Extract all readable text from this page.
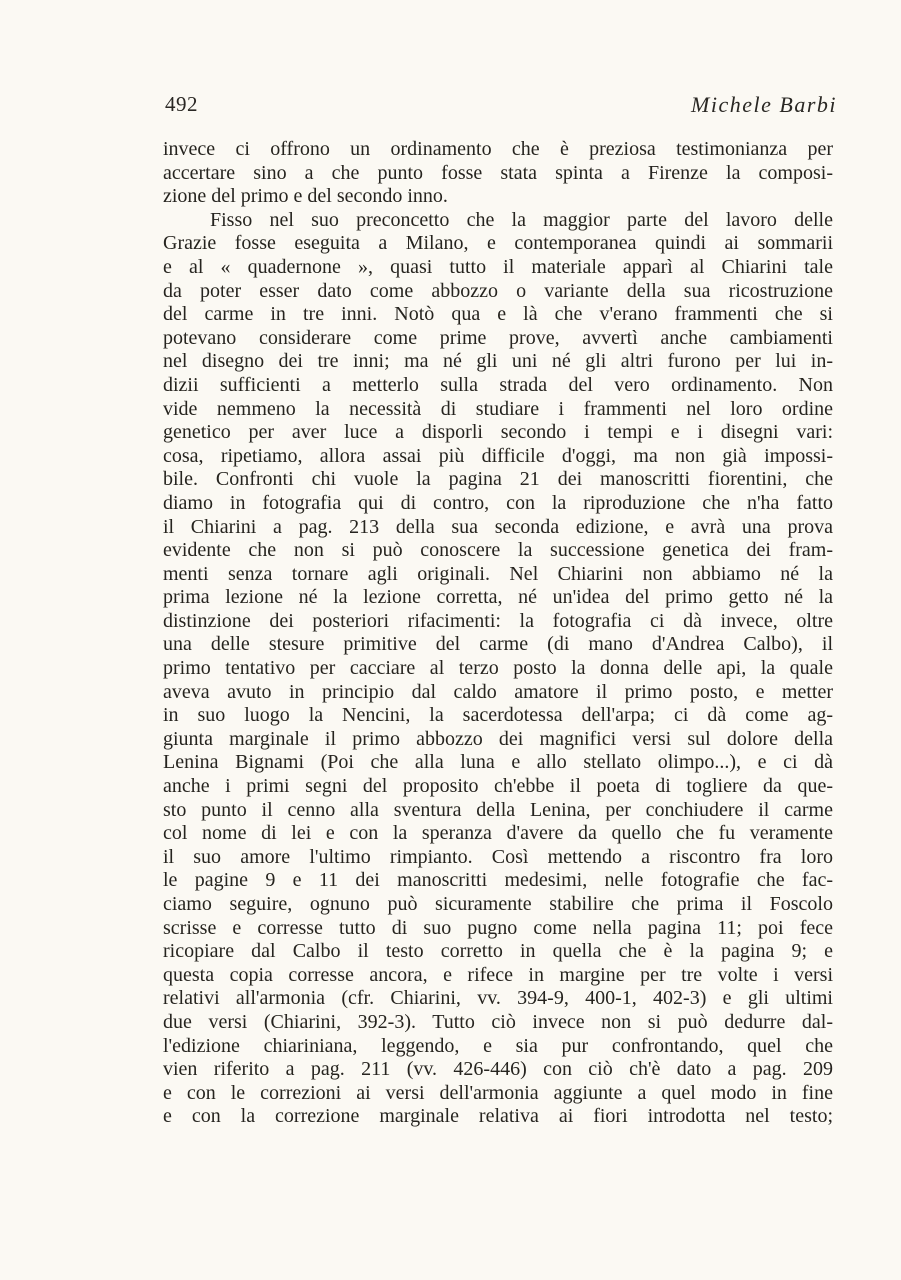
492	Michele Barbi
invece ci offrono un ordinamento che è preziosa testimonianza per
accertare sino a che punto fosse stata spinta a Firenze la composi-
zione del primo e del secondo inno.
Fisso nel suo preconcetto che la maggior parte del lavoro delle
Grazie fosse eseguita a Milano, e contemporanea quindi ai sommarii
e al « quadernone », quasi tutto il materiale apparì al Chiarini tale
da poter esser dato come abbozzo o variante della sua ricostruzione
del carme in tre inni. Notò qua e là che v'erano frammenti che si
potevano considerare come prime prove, avvertì anche cambiamenti
nel disegno dei tre inni; ma né gli uni né gli altri furono per lui in-
dizii sufficienti a metterlo sulla strada del vero ordinamento. Non
vide nemmeno la necessità di studiare i frammenti nel loro ordine
genetico per aver luce a disporli secondo i tempi e i disegni vari:
cosa, ripetiamo, allora assai più difficile d'oggi, ma non già impossi-
bile. Confronti chi vuole la pagina 21 dei manoscritti fiorentini, che
diamo in fotografia qui di contro, con la riproduzione che n'ha fatto
il Chiarini a pag. 213 della sua seconda edizione, e avrà una prova
evidente che non si può conoscere la successione genetica dei fram-
menti senza tornare agli originali. Nel Chiarini non abbiamo né la
prima lezione né la lezione corretta, né un'idea del primo getto né la
distinzione dei posteriori rifacimenti: la fotografia ci dà invece, oltre
una delle stesure primitive del carme (di mano d'Andrea Calbo), il
primo tentativo per cacciare al terzo posto la donna delle api, la quale
aveva avuto in principio dal caldo amatore il primo posto, e metter
in suo luogo la Nencini, la sacerdotessa dell'arpa; ci dà come ag-
giunta marginale il primo abbozzo dei magnifici versi sul dolore della
Lenina Bignami (Poi che alla luna e allo stellato olimpo...), e ci dà
anche i primi segni del proposito ch'ebbe il poeta di togliere da que-
sto punto il cenno alla sventura della Lenina, per conchiudere il carme
col nome di lei e con la speranza d'avere da quello che fu veramente
il suo amore l'ultimo rimpianto. Così mettendo a riscontro fra loro
le pagine 9 e 11 dei manoscritti medesimi, nelle fotografie che fac-
ciamo seguire, ognuno può sicuramente stabilire che prima il Foscolo
scrisse e corresse tutto di suo pugno come nella pagina 11; poi fece
ricopiare dal Calbo il testo corretto in quella che è la pagina 9; e
questa copia corresse ancora, e rifece in margine per tre volte i versi
relativi all'armonia (cfr. Chiarini, vv. 394-9, 400-1, 402-3) e gli ultimi
due versi (Chiarini, 392-3). Tutto ciò invece non si può dedurre dal-
l'edizione chiariniana, leggendo, e sia pur confrontando, quel che
vien riferito a pag. 211 (vv. 426-446) con ciò ch'è dato a pag. 209
e con le correzioni ai versi dell'armonia aggiunte a quel modo in fine
e con la correzione marginale relativa ai fiori introdotta nel testo;
